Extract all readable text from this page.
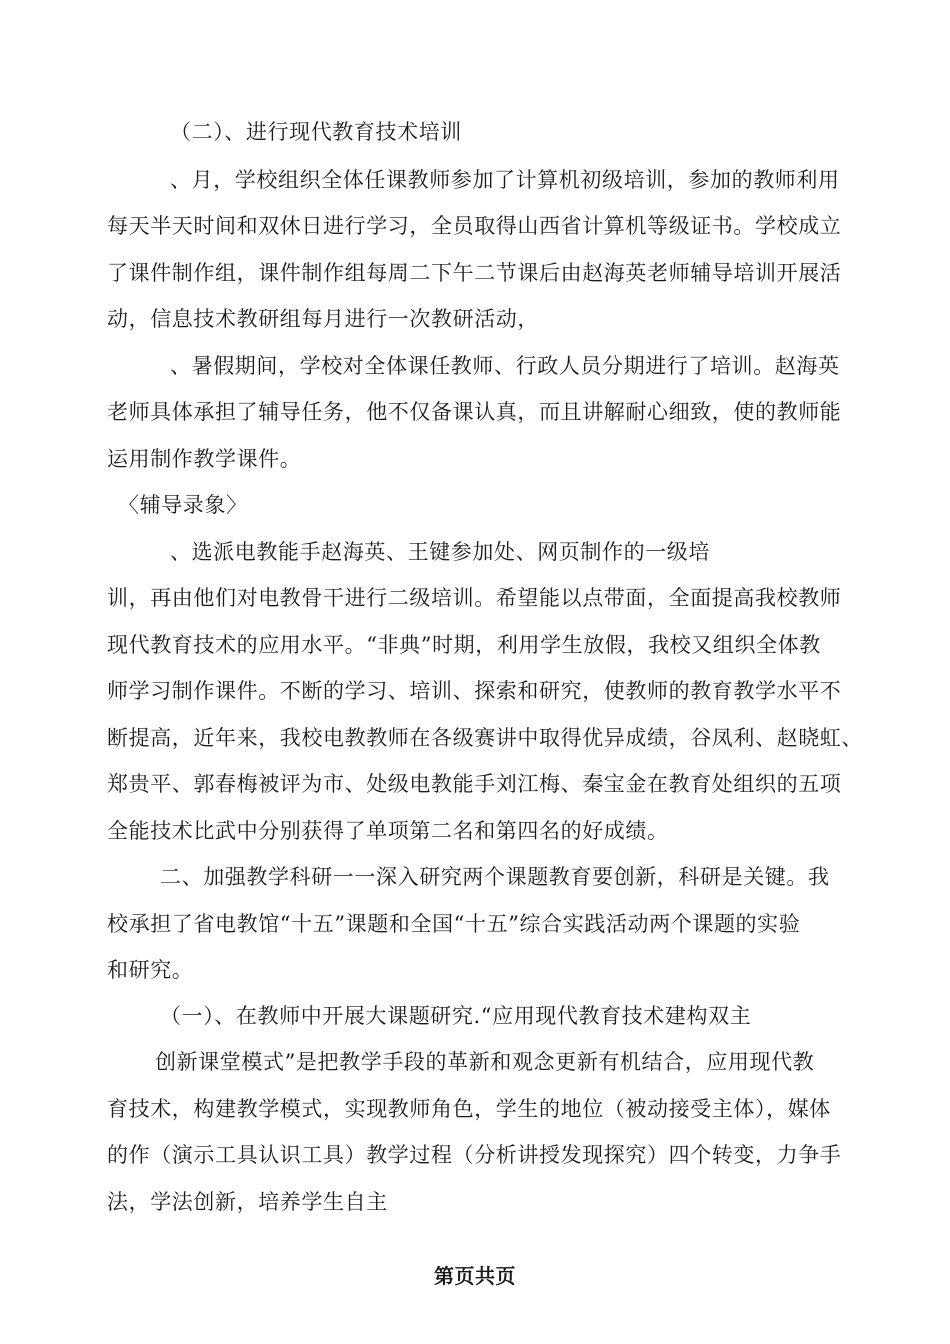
（二）、进行现代教育技术培训
、月，学校组织全体任课教师参加了计算机初级培训，参加的教师利用
每天半天时间和双休日进行学习，全员取得山西省计算机等级证书。学校成立
了课件制作组，课件制作组每周二下午二节课后由赵海英老师辅导培训开展活
动，信息技术教研组每月进行一次教研活动，
、暑假期间，学校对全体课任教师、行政人员分期进行了培训。赵海英
老师具体承担了辅导任务，他不仅备课认真，而且讲解耐心细致，使的教师能
运用制作教学课件。
〈辅导录象〉
、选派电教能手赵海英、王键参加处、网页制作的一级培
训，再由他们对电教骨干进行二级培训。希望能以点带面，全面提高我校教师
现代教育技术的应用水平。“非典”时期，利用学生放假，我校又组织全体教
师学习制作课件。不断的学习、培训、探索和研究，使教师的教育教学水平不
断提高，近年来，我校电教教师在各级赛讲中取得优异成绩，谷凤利、赵晓虹、
郑贵平、郭春梅被评为市、处级电教能手刘江梅、秦宝金在教育处组织的五项
全能技术比武中分别获得了单项第二名和第四名的好成绩。
二、加强教学科研一一深入研究两个课题教育要创新，科研是关键。我
校承担了省电教馆“十五”课题和全国“十五”综合实践活动两个课题的实验
和研究。
（一）、在教师中开展大课题研究.“应用现代教育技术建构双主
创新课堂模式”是把教学手段的革新和观念更新有机结合，应用现代教
育技术，构建教学模式，实现教师角色，学生的地位（被动接受主体），媒体
的作（演示工具认识工具）教学过程（分析讲授发现探究）四个转变，力争手
法，学法创新，培养学生自主
第页共页
